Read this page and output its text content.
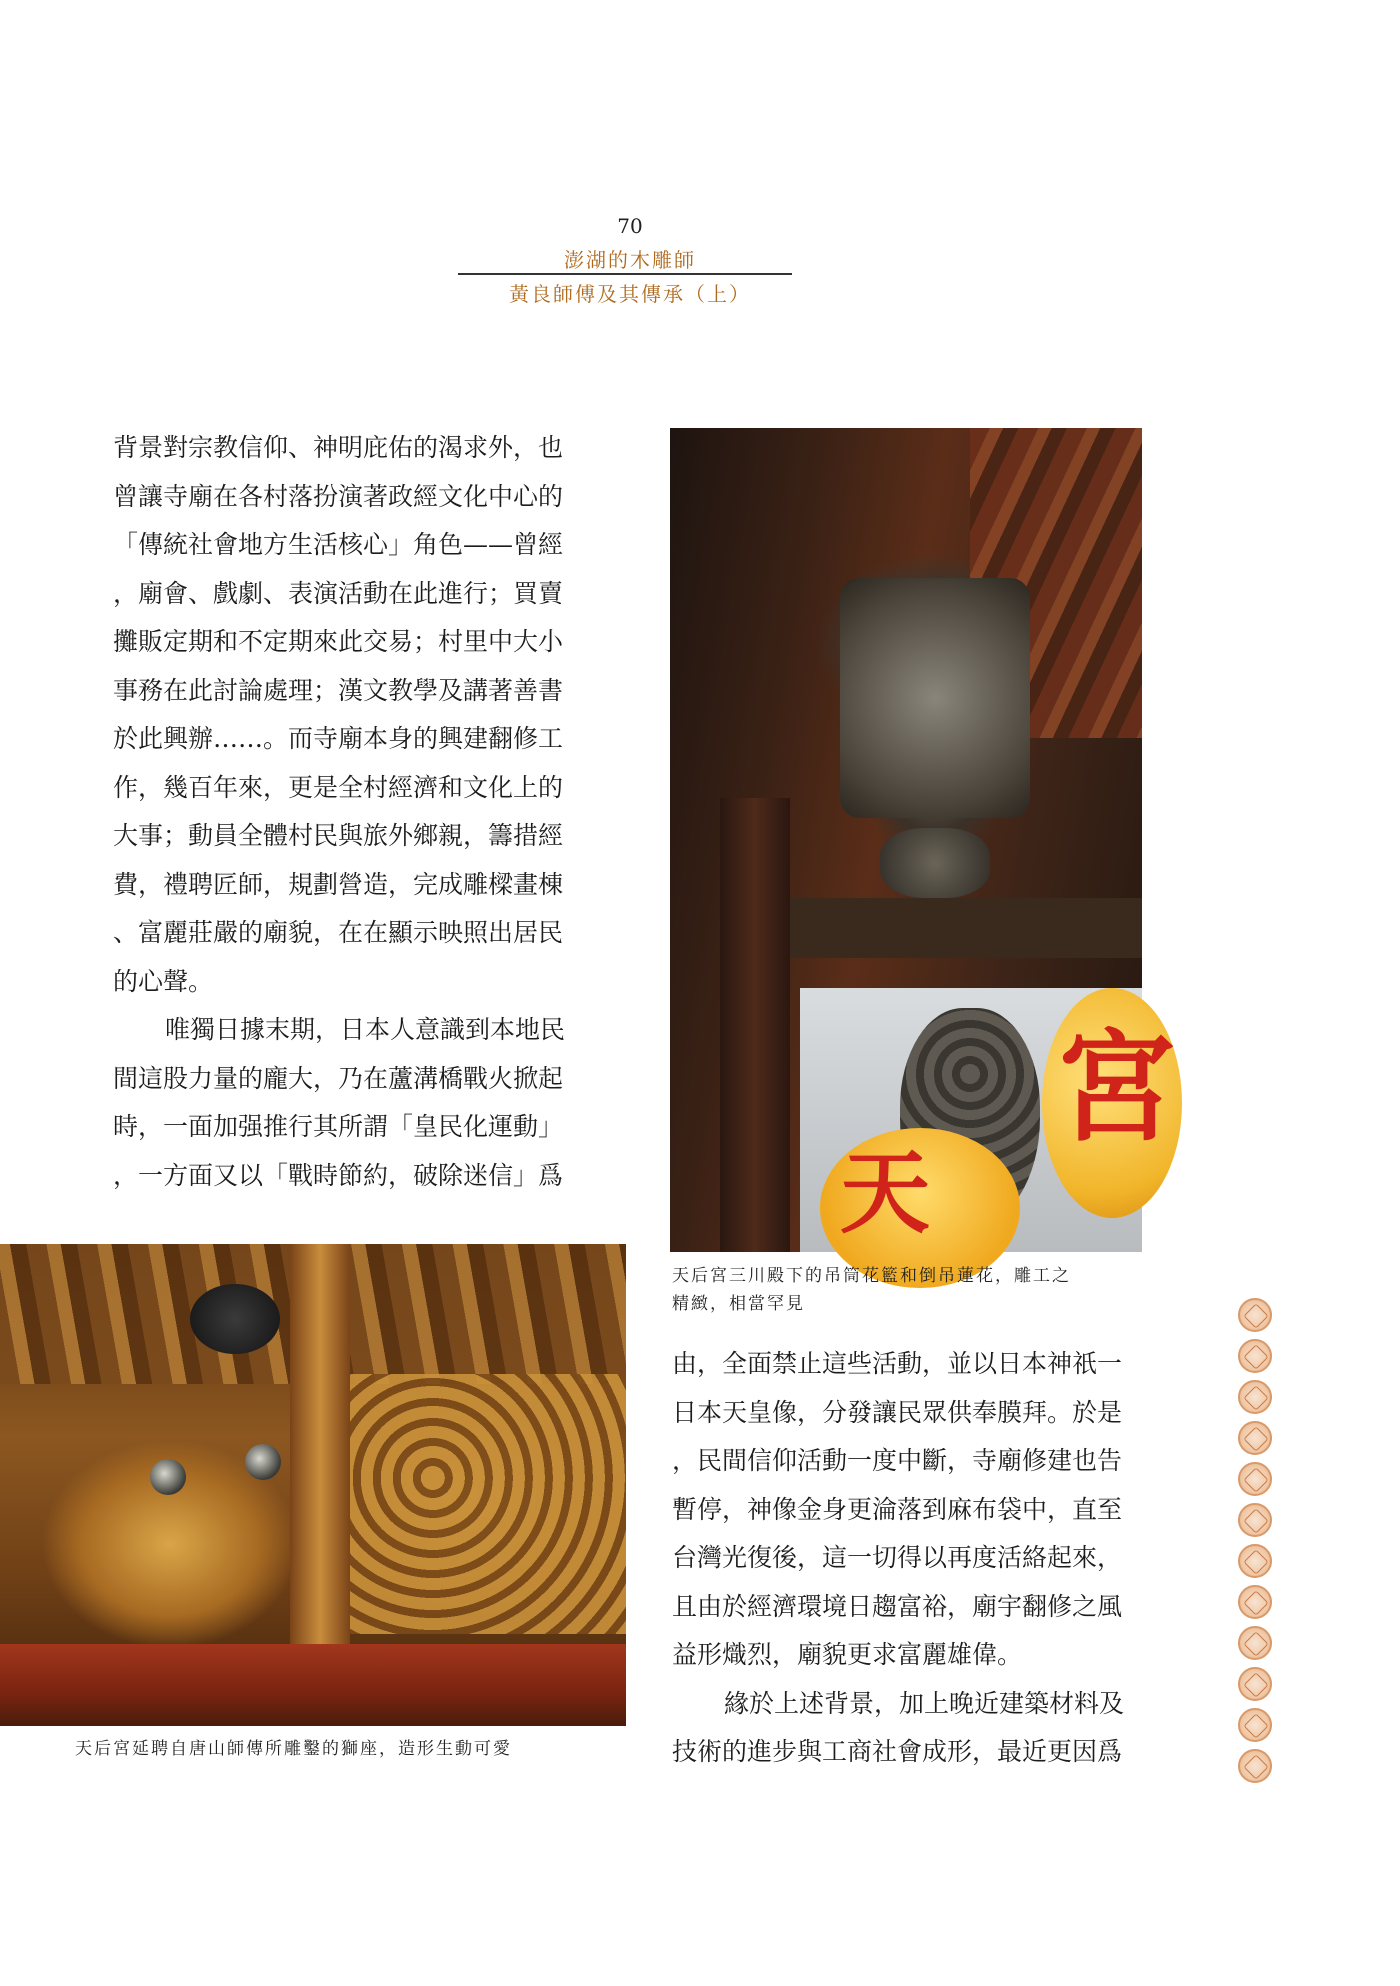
70
澎湖的木雕師
黃良師傅及其傳承（上）
背景對宗教信仰、神明庇佑的渴求外，也
曾讓寺廟在各村落扮演著政經文化中心的
「傳統社會地方生活核心」角色——曾經
，廟會、戲劇、表演活動在此進行；買賣
攤販定期和不定期來此交易；村里中大小
事務在此討論處理；漢文教學及講著善書
於此興辦……。而寺廟本身的興建翻修工
作，幾百年來，更是全村經濟和文化上的
大事；動員全體村民與旅外鄉親，籌措經
費，禮聘匠師，規劃營造，完成雕樑畫棟
、富麗莊嚴的廟貌，在在顯示映照出居民
的心聲。
唯獨日據末期，日本人意識到本地民
間這股力量的龐大，乃在蘆溝橋戰火掀起
時，一面加强推行其所謂「皇民化運動」
，一方面又以「戰時節約，破除迷信」爲
宮
天
天后宮三川殿下的吊筒花籃和倒吊蓮花，雕工之
精緻，相當罕見
由，全面禁止這些活動，並以日本神祇一
日本天皇像，分發讓民眾供奉膜拜。於是
，民間信仰活動一度中斷，寺廟修建也告
暫停，神像金身更淪落到麻布袋中，直至
台灣光復後，這一切得以再度活絡起來，
且由於經濟環境日趨富裕，廟宇翻修之風
益形熾烈，廟貌更求富麗雄偉。
緣於上述背景，加上晚近建築材料及
技術的進步與工商社會成形，最近更因爲
天后宮延聘自唐山師傳所雕鑿的獅座，造形生動可愛
